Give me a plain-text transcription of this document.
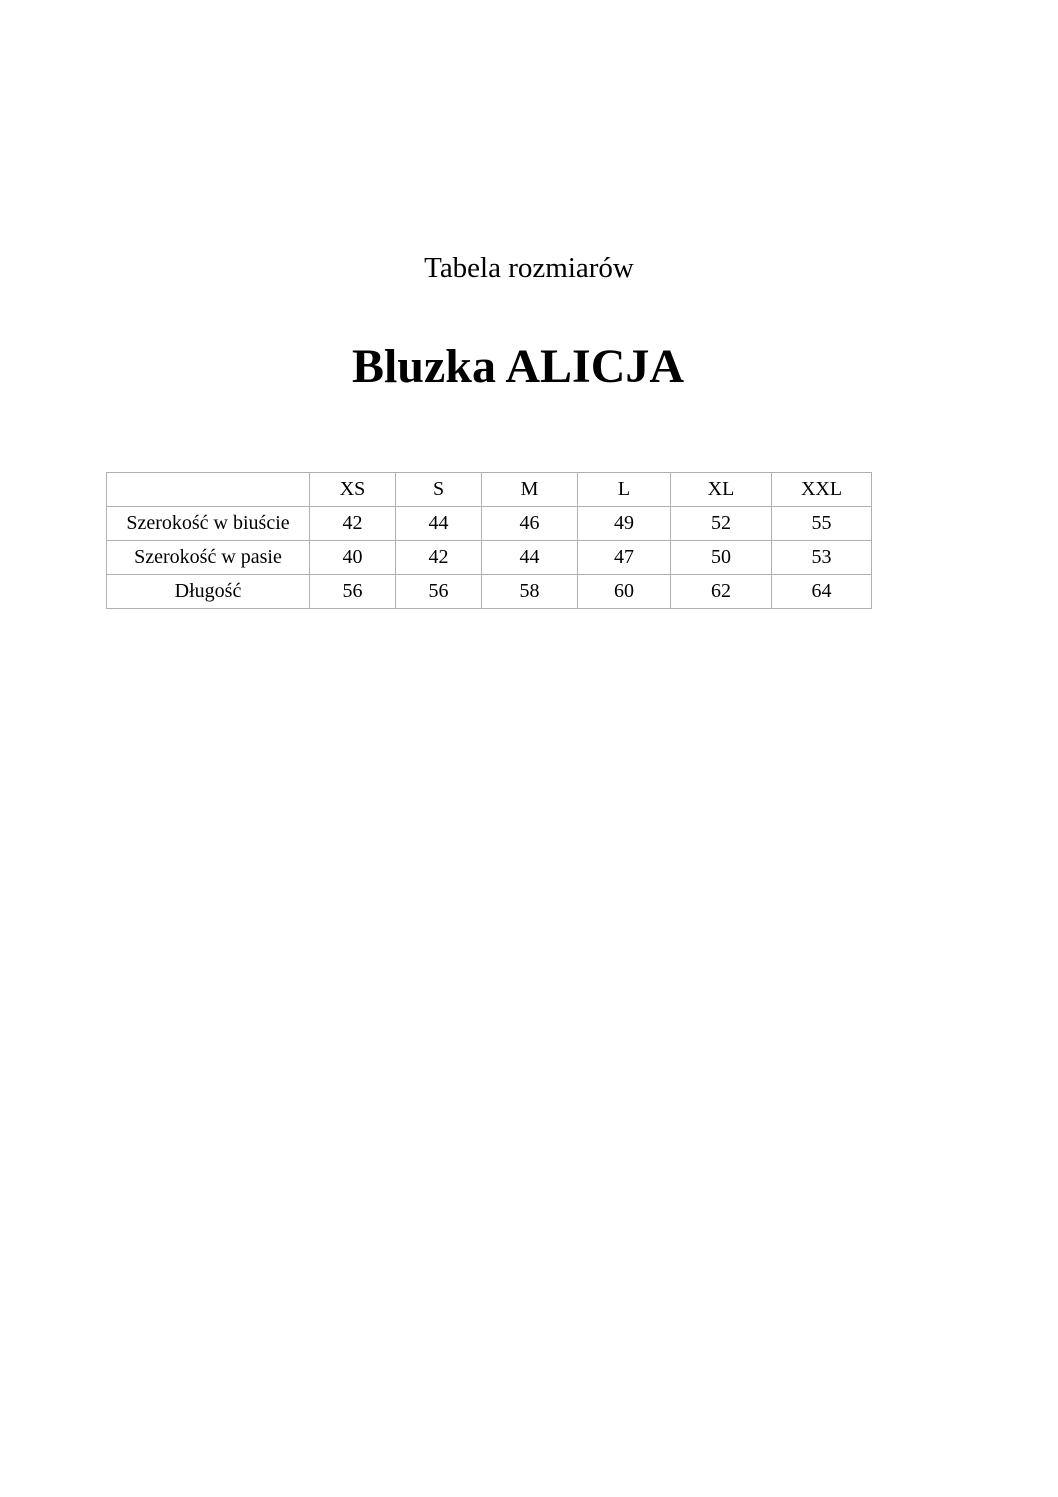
Tabela rozmiarów
Bluzka ALICJA
	XS	S	M	L	XL	XXL
Szerokość w biuście	42	44	46	49	52	55
Szerokość w pasie	40	42	44	47	50	53
Długość	56	56	58	60	62	64
